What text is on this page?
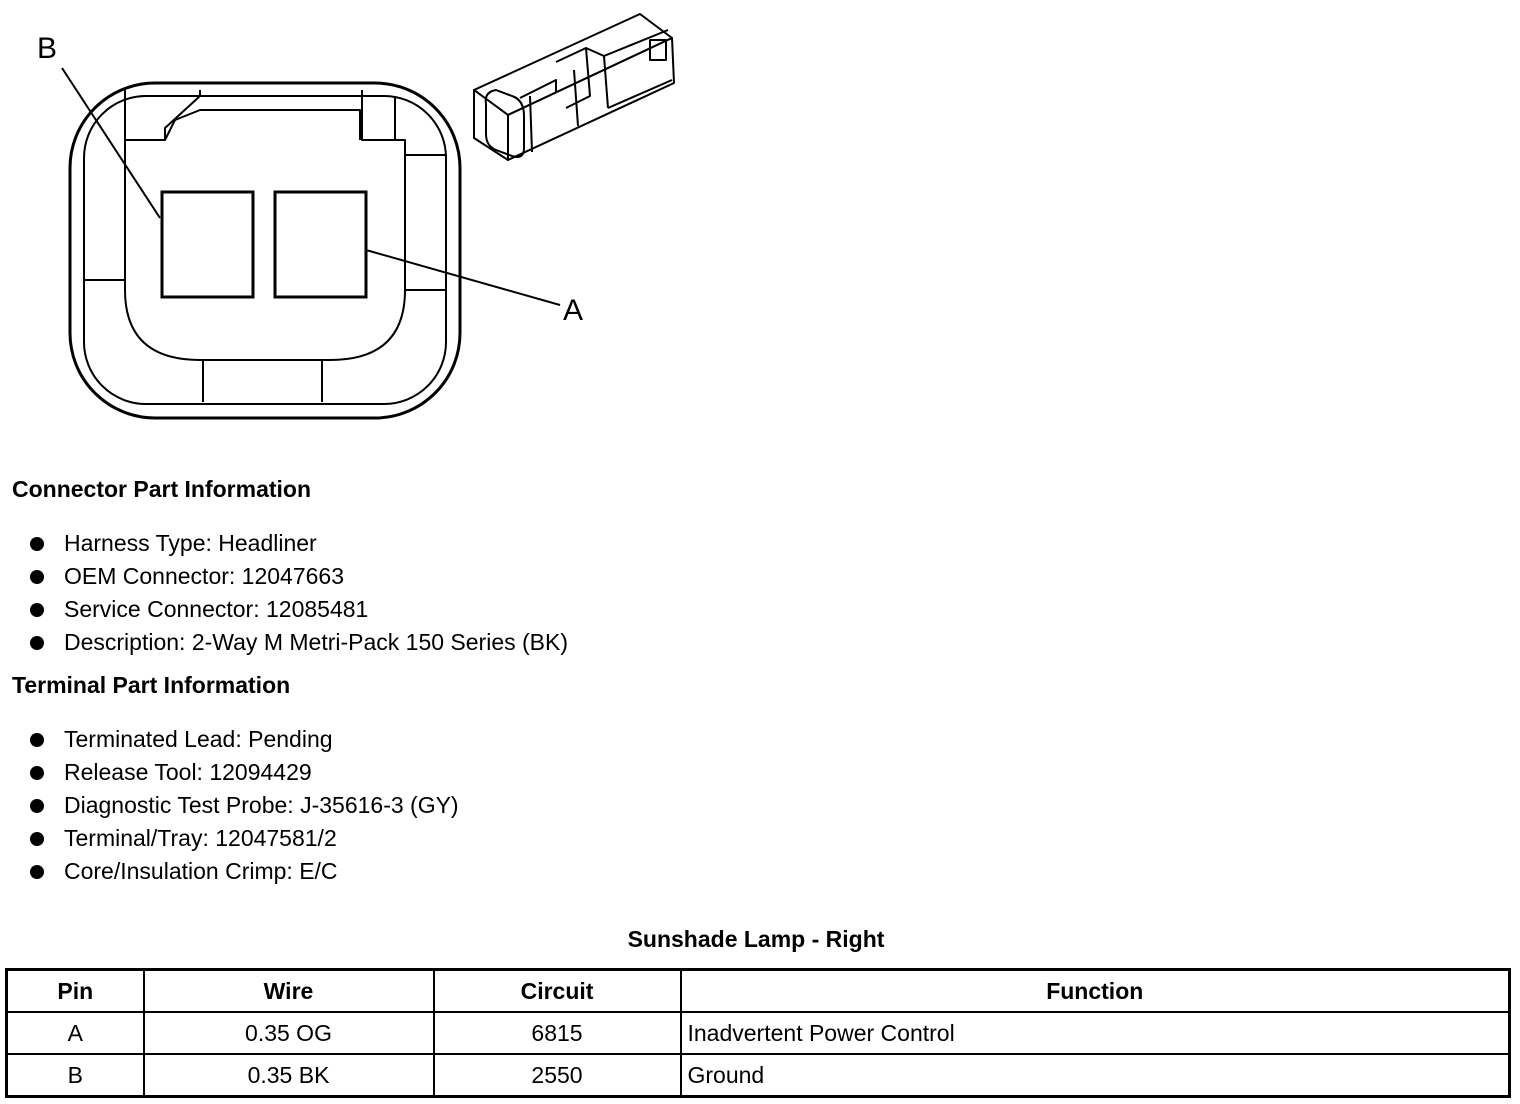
B
A
Connector Part Information
Harness Type: Headliner
OEM Connector: 12047663
Service Connector: 12085481
Description: 2-Way M Metri-Pack 150 Series (BK)
Terminal Part Information
Terminated Lead: Pending
Release Tool: 12094429
Diagnostic Test Probe: J-35616-3 (GY)
Terminal/Tray: 12047581/2
Core/Insulation Crimp: E/C
Sunshade Lamp - Right
Pin	Wire	Circuit	Function
A	0.35 OG	6815	Inadvertent Power Control
B	0.35 BK	2550	Ground
